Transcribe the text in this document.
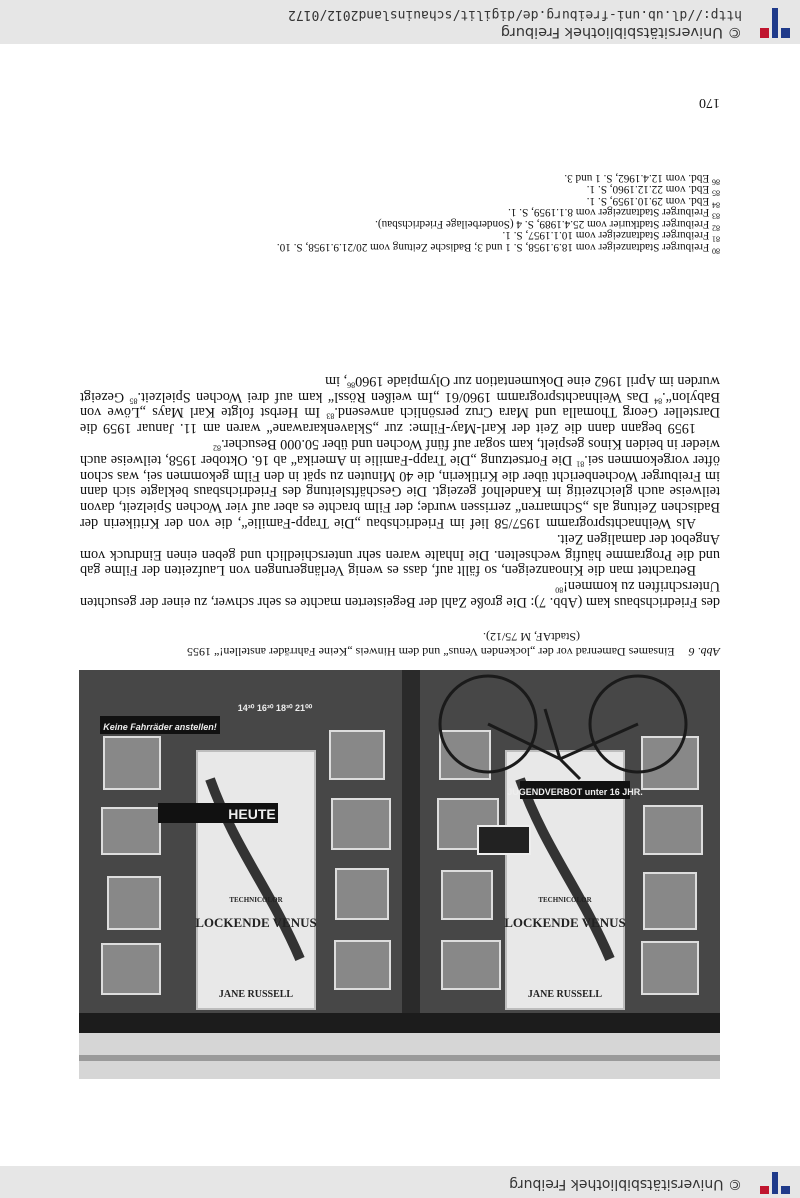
© Universitätsbibliothek Freiburg
HEUTE
JUGENDVERBOT unter 16 JHR.
Keine Fahrräder anstellen!
14³⁰ 16³⁰ 18³⁰ 21⁰⁰
JANE RUSSELL
LOCKENDE VENUS
TECHNICOLOR
JANE RUSSELL
LOCKENDE VENUS
TECHNICOLOR
Abb. 6Einsames Damenrad vor der „lockenden Venus“ und dem Hinweis „Keine Fahrräder anstellen!“ 1955
(StadtAF, M 75/12).

des Friedrichsbaus kam (Abb. 7): Die große Zahl der Begeisterten machte es sehr schwer, zu einer der gesuchten Unterschriften zu kommen!$^{80}$

Betrachtet man die Kinoanzeigen, so fällt auf, dass es wenig Verlängerungen von Laufzeiten der Filme gab und die Programme häufig wechselten. Die Inhalte waren sehr unterschiedlich und geben einen Eindruck vom Angebot der damaligen Zeit.

Als Weihnachtsprogramm 1957/58 lief im Friedrichsbau „Die Trapp-Familie“, die von der Kritikerin der Badischen Zeitung als „Schmarren“ zerrissen wurde; der Film brachte es aber auf vier Wochen Spielzeit, davon teilweise auch gleichzeitig im Kandelhof gezeigt. Die Geschäftsleitung des Friedrichsbaus beklagte sich dann im Freiburger Wochenbericht über die Kritikerin, die 40 Minuten zu spät in den Film gekommen sei, was schon öfter vorgekommen sei.$^{81}$ Die Fortsetzung „Die Trapp-Familie in Amerika“ ab 16. Oktober 1958, teilweise auch wieder in beiden Kinos gespielt, kam sogar auf fünf Wochen und über 50.000 Besucher.$^{82}$

1959 begann dann die Zeit der Karl-May-Filme: zur „Sklavenkarawane“ waren am 11. Januar 1959 die Darsteller Georg Thomalla und Mara Cruz persönlich anwesend.$^{83}$ Im Herbst folgte Karl Mays „Löwe von Babylon“.$^{84}$ Das Weihnachtsprogramm 1960/61 „Im weißen Rössl“ kam auf drei Wochen Spielzeit.$^{85}$ Gezeigt wurden im April 1962 eine Dokumentation zur Olympiade 1960$^{86}$, im

$^{80}$ Freiburger Stadtanzeiger vom 18.9.1958, S. 1 und 3; Badische Zeitung vom 20/21.9.1958, S. 10.
$^{81}$ Freiburger Stadtanzeiger vom 10.1.1957, S. 1.
$^{82}$ Freiburger Stadtkurier vom 25.4.1989, S. 4 (Sonderbeilage Friedrichsbau).
$^{83}$ Freiburger Stadtanzeiger vom 8.1.1959, S. 1.
$^{84}$ Ebd. vom 29.10.1959, S. 1.
$^{85}$ Ebd. vom 22.12.1960, S. 1.
$^{86}$ Ebd. vom 12.4.1962, S. 1 und 3.
170
© Universitätsbibliothek Freiburg
http://dl.ub.uni-freiburg.de/digilit/schauinsland2012/0172
